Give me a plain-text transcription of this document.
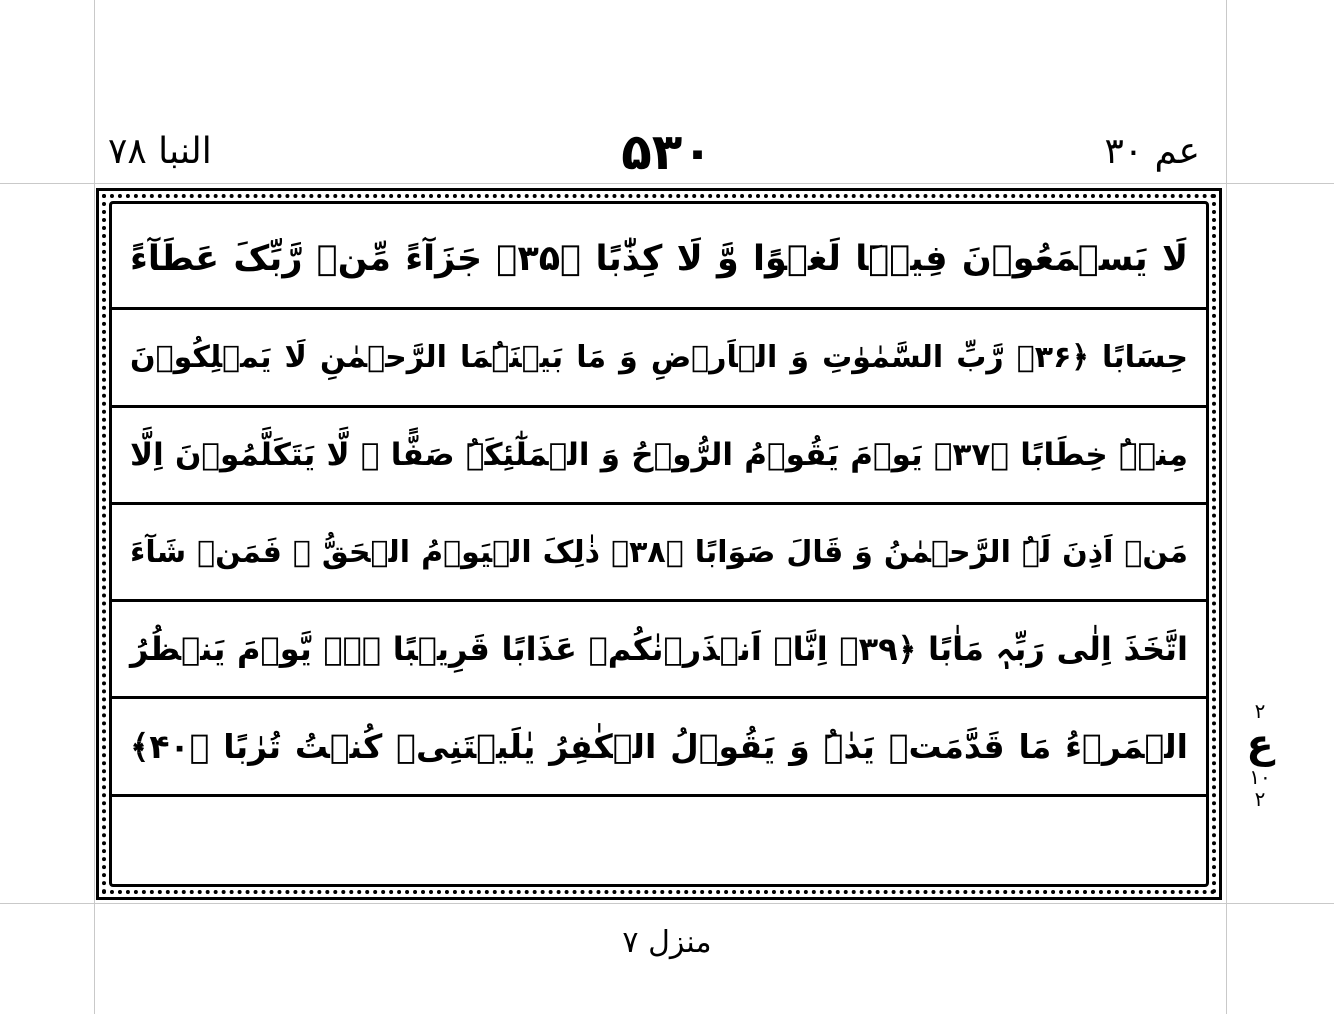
عم ۳۰
۵۳۰
النبا ۷۸
لَا یَسۡمَعُوۡنَ فِیۡہَا لَغۡوًا وَّ لَا کِذّٰبًا ﴿۳۵﴾ جَزَآءً مِّنۡ رَّبِّکَ عَطَآءً
حِسَابًا ﴿۳۶﴾ رَّبِّ السَّمٰوٰتِ وَ الۡاَرۡضِ وَ مَا بَیۡنَہُمَا الرَّحۡمٰنِ لَا یَمۡلِکُوۡنَ
مِنۡہُ خِطَابًا ﴿۳۷﴾ یَوۡمَ یَقُوۡمُ الرُّوۡحُ وَ الۡمَلٰٓئِکَۃُ صَفًّا ۟ لَّا یَتَکَلَّمُوۡنَ اِلَّا
مَنۡ اَذِنَ لَہُ الرَّحۡمٰنُ وَ قَالَ صَوَابًا ﴿۳۸﴾ ذٰلِکَ الۡیَوۡمُ الۡحَقُّ ۚ فَمَنۡ شَآءَ
اتَّخَذَ اِلٰی رَبِّہٖ مَاٰبًا ﴿۳۹﴾ اِنَّاۤ اَنۡذَرۡنٰکُمۡ عَذَابًا قَرِیۡبًا ۬ۚۖ یَّوۡمَ یَنۡظُرُ
الۡمَرۡءُ مَا قَدَّمَتۡ یَدٰہُ وَ یَقُوۡلُ الۡکٰفِرُ یٰلَیۡتَنِیۡ کُنۡتُ تُرٰبًا ﴿۴۰﴾
۲
ع
۱۰
۲
منزل ۷
